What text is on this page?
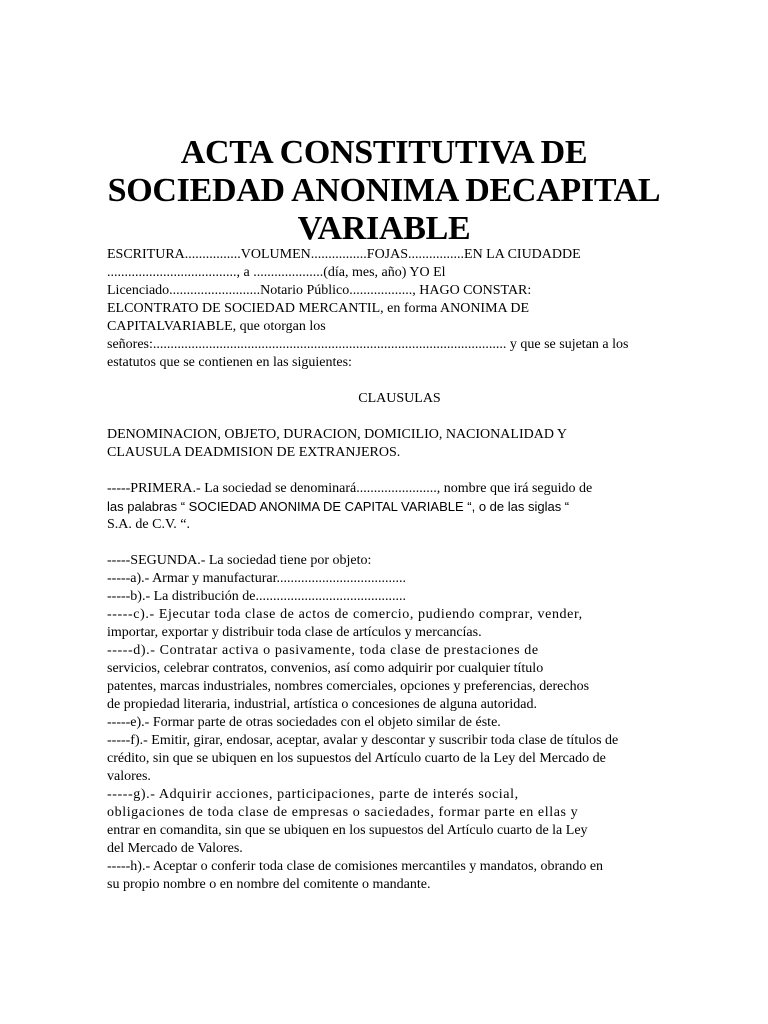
ACTA CONSTITUTIVA DE
SOCIEDAD ANONIMA DECAPITAL
VARIABLE
ESCRITURA................VOLUMEN................FOJAS................EN LA CIUDADDE
....................................., a ....................(día, mes, año) YO El
Licenciado..........................Notario Público.................., HAGO CONSTAR:
ELCONTRATO DE SOCIEDAD MERCANTIL, en forma ANONIMA DE
CAPITALVARIABLE, que otorgan los
señores:..................................................................................................... y que se sujetan a los
estatutos que se contienen en las siguientes:
CLAUSULAS
DENOMINACION, OBJETO, DURACION, DOMICILIO, NACIONALIDAD Y
CLAUSULA DEADMISION DE EXTRANJEROS.
-----PRIMERA.- La sociedad se denominará......................., nombre que irá seguido de
las palabras “ SOCIEDAD ANONIMA DE CAPITAL VARIABLE “, o de las siglas “
S.A. de C.V. “.
-----SEGUNDA.- La sociedad tiene por objeto:
-----a).- Armar y manufacturar.....................................
-----b).- La distribución de...........................................
-----c).- Ejecutar toda clase de actos de comercio, pudiendo comprar, vender,
importar, exportar y distribuir toda clase de artículos y mercancías.
-----d).- Contratar activa o pasivamente, toda clase de prestaciones de
servicios, celebrar contratos, convenios, así como adquirir por cualquier título
patentes, marcas industriales, nombres comerciales, opciones y preferencias, derechos
de propiedad literaria, industrial, artística o concesiones de alguna autoridad.
-----e).- Formar parte de otras sociedades con el objeto similar de éste.
-----f).- Emitir, girar, endosar, aceptar, avalar y descontar y suscribir toda clase de títulos de
crédito, sin que se ubiquen en los supuestos del Artículo cuarto de la Ley del Mercado de
valores.
-----g).- Adquirir acciones, participaciones, parte de interés social,
obligaciones de toda clase de empresas o saciedades, formar parte en ellas y
entrar en comandita, sin que se ubiquen en los supuestos del Artículo cuarto de la Ley
del Mercado de Valores.
-----h).- Aceptar o conferir toda clase de comisiones mercantiles y mandatos, obrando en
su propio nombre o en nombre del comitente o mandante.
